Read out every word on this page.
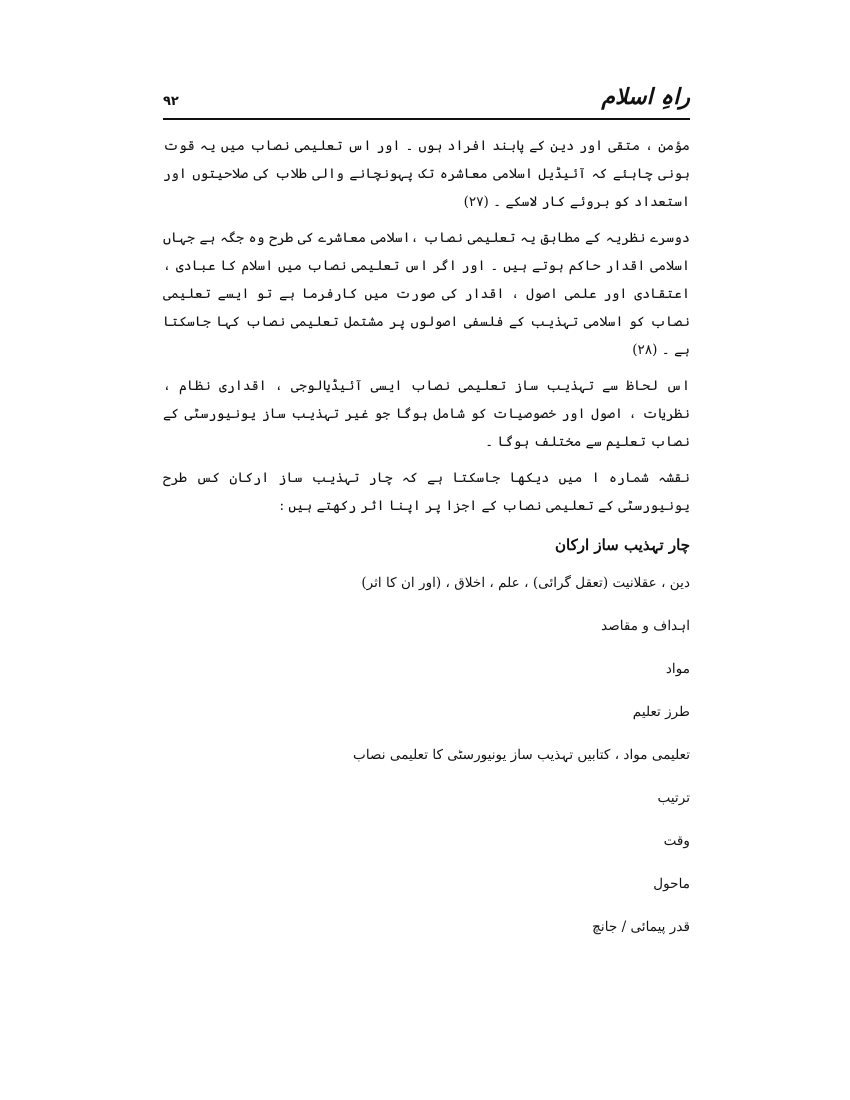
۹۲	راہِ اسلام

مؤمن ، متقی اور دین کے پابند افراد ہوں ۔ اور اس تعلیمی نصاب میں یہ قوت ہونی چاہئے کہ آئیڈیل اسلامی معاشرہ تک پہونچانے والی طلاب کی صلاحیتوں اور استعداد کو بروئے کار لاسکے ۔ (۲۷)

دوسرے نظریہ کے مطابق یہ تعلیمی نصاب ،اسلامی معاشرے کی طرح وہ جگہ ہے جہاں اسلامی اقدار حاکم ہوتے ہیں ۔ اور اگر اس تعلیمی نصاب میں اسلام کا عبادی ، اعتقادی اور علمی اصول ، اقدار کی صورت میں کارفرما ہے تو ایسے تعلیمی نصاب کو اسلامی تہذیب کے فلسفی اصولوں پر مشتمل تعلیمی نصاب کہا جاسکتا ہے ۔ (۲۸)

اس لحاظ سے تہذیب ساز تعلیمی نصاب ایسی آئیڈیالوجی ، اقداری نظام ، نظریات ، اصول اور خصوصیات کو شامل ہوگا جو غیر تہذیب ساز یونیورسٹی کے نصاب تعلیم سے مختلف ہوگا ۔

نقشہ شمارہ ا میں دیکھا جاسکتا ہے کہ چار تہذیب ساز ارکان کس طرح یونیورسٹی کے تعلیمی نصاب کے اجزا پر اپنا اثر رکھتے ہیں :

چار تہذیب ساز ارکان
دین ، عقلانیت (تعقل گرائی) ، علم ، اخلاق ، (اور ان کا اثر)
اہداف و مقاصد
مواد
طرز تعلیم
تعلیمی مواد ، کتابیں تہذیب ساز یونیورسٹی کا تعلیمی نصاب
ترتیب
وقت
ماحول
قدر پیمائی / جانچ
